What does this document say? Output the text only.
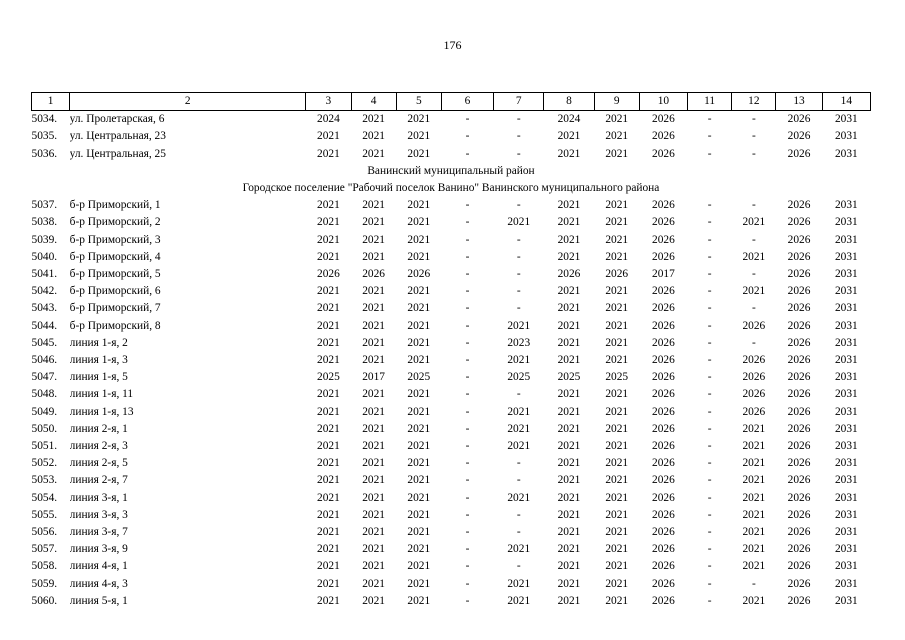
176
1	2	3	4	5	6	7	8	9	10	11	12	13	14
5034.	ул. Пролетарская, 6	2024	2021	2021	-	-	2024	2021	2026	-	-	2026	2031
5035.	ул. Центральная, 23	2021	2021	2021	-	-	2021	2021	2026	-	-	2026	2031
5036.	ул. Центральная, 25	2021	2021	2021	-	-	2021	2021	2026	-	-	2026	2031
Ванинский муниципальный район													
Городское поселение "Рабочий поселок Ванино" Ванинского муниципального района													
5037.	б-р Приморский, 1	2021	2021	2021	-	-	2021	2021	2026	-	-	2026	2031
5038.	б-р Приморский, 2	2021	2021	2021	-	2021	2021	2021	2026	-	2021	2026	2031
5039.	б-р Приморский, 3	2021	2021	2021	-	-	2021	2021	2026	-	-	2026	2031
5040.	б-р Приморский, 4	2021	2021	2021	-	-	2021	2021	2026	-	2021	2026	2031
5041.	б-р Приморский, 5	2026	2026	2026	-	-	2026	2026	2017	-	-	2026	2031
5042.	б-р Приморский, 6	2021	2021	2021	-	-	2021	2021	2026	-	2021	2026	2031
5043.	б-р Приморский, 7	2021	2021	2021	-	-	2021	2021	2026	-	-	2026	2031
5044.	б-р Приморский, 8	2021	2021	2021	-	2021	2021	2021	2026	-	2026	2026	2031
5045.	линия 1-я, 2	2021	2021	2021	-	2023	2021	2021	2026	-	-	2026	2031
5046.	линия 1-я, 3	2021	2021	2021	-	2021	2021	2021	2026	-	2026	2026	2031
5047.	линия 1-я, 5	2025	2017	2025	-	2025	2025	2025	2026	-	2026	2026	2031
5048.	линия 1-я, 11	2021	2021	2021	-	-	2021	2021	2026	-	2026	2026	2031
5049.	линия 1-я, 13	2021	2021	2021	-	2021	2021	2021	2026	-	2026	2026	2031
5050.	линия 2-я, 1	2021	2021	2021	-	2021	2021	2021	2026	-	2021	2026	2031
5051.	линия 2-я, 3	2021	2021	2021	-	2021	2021	2021	2026	-	2021	2026	2031
5052.	линия 2-я, 5	2021	2021	2021	-	-	2021	2021	2026	-	2021	2026	2031
5053.	линия 2-я, 7	2021	2021	2021	-	-	2021	2021	2026	-	2021	2026	2031
5054.	линия 3-я, 1	2021	2021	2021	-	2021	2021	2021	2026	-	2021	2026	2031
5055.	линия 3-я, 3	2021	2021	2021	-	-	2021	2021	2026	-	2021	2026	2031
5056.	линия 3-я, 7	2021	2021	2021	-	-	2021	2021	2026	-	2021	2026	2031
5057.	линия 3-я, 9	2021	2021	2021	-	2021	2021	2021	2026	-	2021	2026	2031
5058.	линия 4-я, 1	2021	2021	2021	-	-	2021	2021	2026	-	2021	2026	2031
5059.	линия 4-я, 3	2021	2021	2021	-	2021	2021	2021	2026	-	-	2026	2031
5060.	линия 5-я, 1	2021	2021	2021	-	2021	2021	2021	2026	-	2021	2026	2031
